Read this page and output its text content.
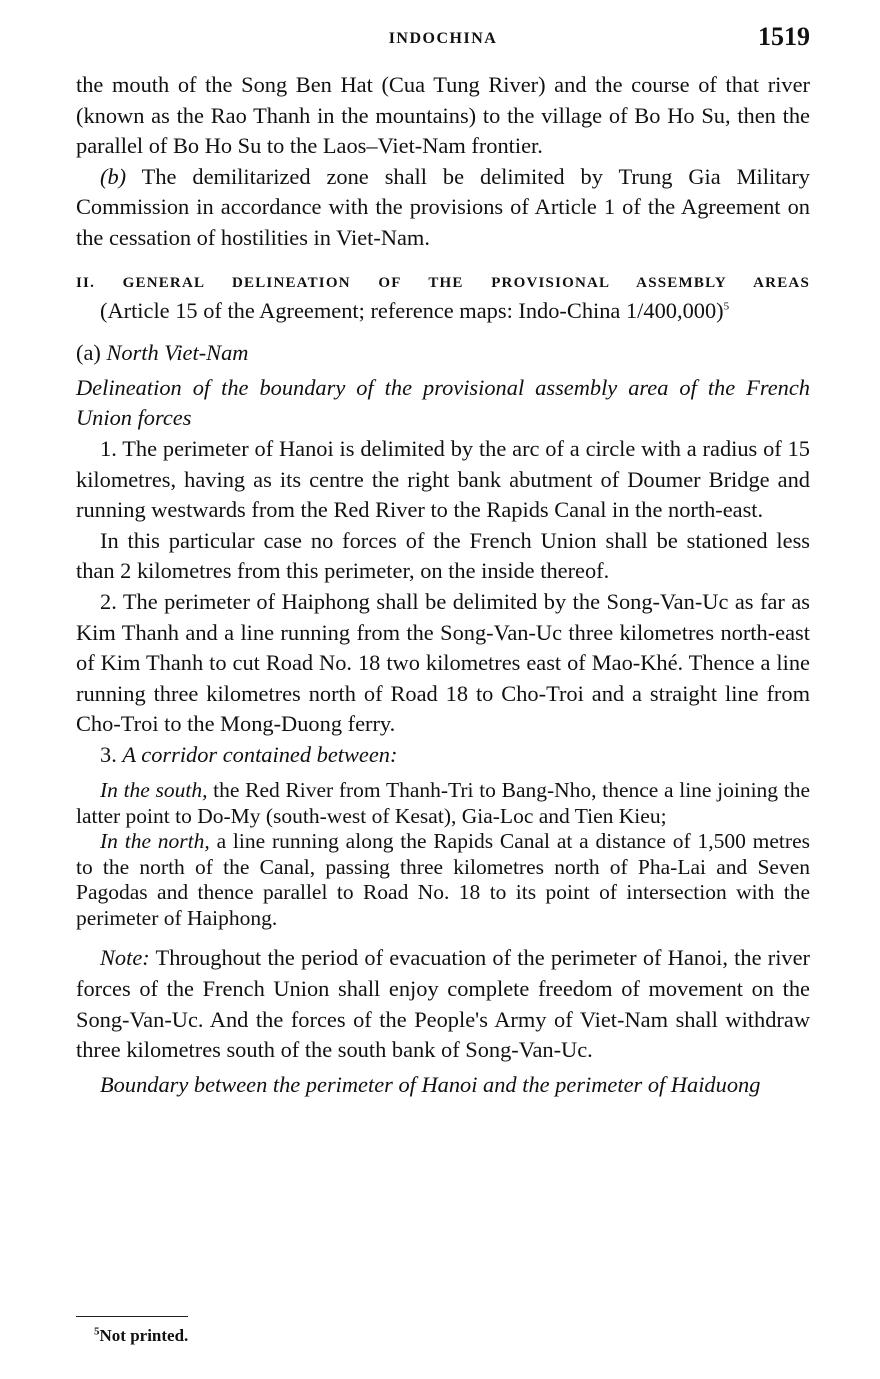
INDOCHINA	1519

the mouth of the Song Ben Hat (Cua Tung River) and the course of that river (known as the Rao Thanh in the mountains) to the village of Bo Ho Su, then the parallel of Bo Ho Su to the Laos–Viet-Nam frontier.

(b) The demilitarized zone shall be delimited by Trung Gia Military Commission in accordance with the provisions of Article 1 of the Agreement on the cessation of hostilities in Viet-Nam.

II. GENERAL DELINEATION OF THE PROVISIONAL ASSEMBLY AREAS

(Article 15 of the Agreement; reference maps: Indo-China 1/400,000)$^5$

(a) North Viet-Nam

Delineation of the boundary of the provisional assembly area of the French Union forces

1. The perimeter of Hanoi is delimited by the arc of a circle with a radius of 15 kilometres, having as its centre the right bank abutment of Doumer Bridge and running westwards from the Red River to the Rapids Canal in the north-east.

In this particular case no forces of the French Union shall be stationed less than 2 kilometres from this perimeter, on the inside thereof.

2. The perimeter of Haiphong shall be delimited by the Song-Van-Uc as far as Kim Thanh and a line running from the Song-Van-Uc three kilometres north-east of Kim Thanh to cut Road No. 18 two kilometres east of Mao-Khé. Thence a line running three kilometres north of Road 18 to Cho-Troi and a straight line from Cho-Troi to the Mong-Duong ferry.

3. A corridor contained between:

In the south, the Red River from Thanh-Tri to Bang-Nho, thence a line joining the latter point to Do-My (south-west of Kesat), Gia-Loc and Tien Kieu;

In the north, a line running along the Rapids Canal at a distance of 1,500 metres to the north of the Canal, passing three kilometres north of Pha-Lai and Seven Pagodas and thence parallel to Road No. 18 to its point of intersection with the perimeter of Haiphong.

Note: Throughout the period of evacuation of the perimeter of Hanoi, the river forces of the French Union shall enjoy complete freedom of movement on the Song-Van-Uc. And the forces of the People's Army of Viet-Nam shall withdraw three kilometres south of the south bank of Song-Van-Uc.

Boundary between the perimeter of Hanoi and the perimeter of Haiduong

$^5$Not printed.
